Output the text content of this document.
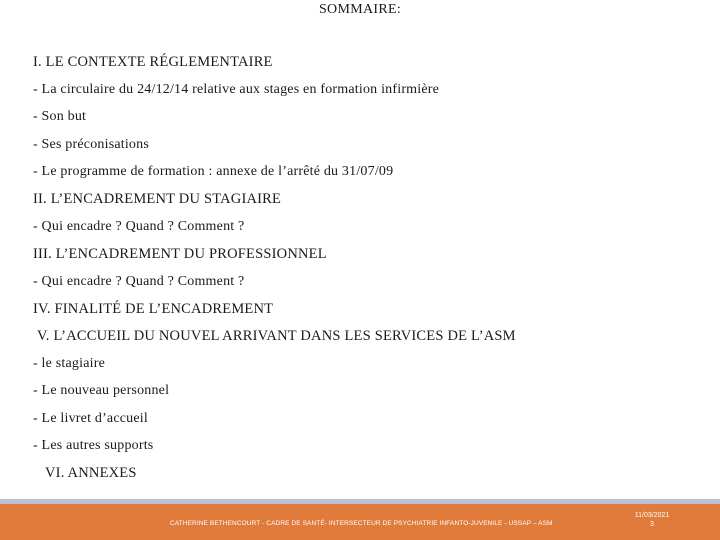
SOMMAIRE:
I. LE CONTEXTE RÉGLEMENTAIRE
- La circulaire du 24/12/14 relative aux stages en formation infirmière
- Son but
- Ses préconisations
- Le programme de formation : annexe de l’arrêté du 31/07/09
II. L’ENCADREMENT DU STAGIAIRE
- Qui encadre ? Quand ? Comment ?
III. L’ENCADREMENT DU PROFESSIONNEL
- Qui encadre ? Quand ? Comment ?
IV. FINALITÉ DE L’ENCADREMENT
V. L’ACCUEIL DU NOUVEL ARRIVANT DANS LES SERVICES DE L’ASM
- le stagiaire
- Le nouveau personnel
- Le livret d’accueil
- Les autres supports
VI. ANNEXES
CATHERINE BETHENCOURT - CADRE DE SANTÉ- INTERSECTEUR DE PSYCHIATRIE INFANTO-JUVENILE - USSAP – ASM
11/03/2021
3
